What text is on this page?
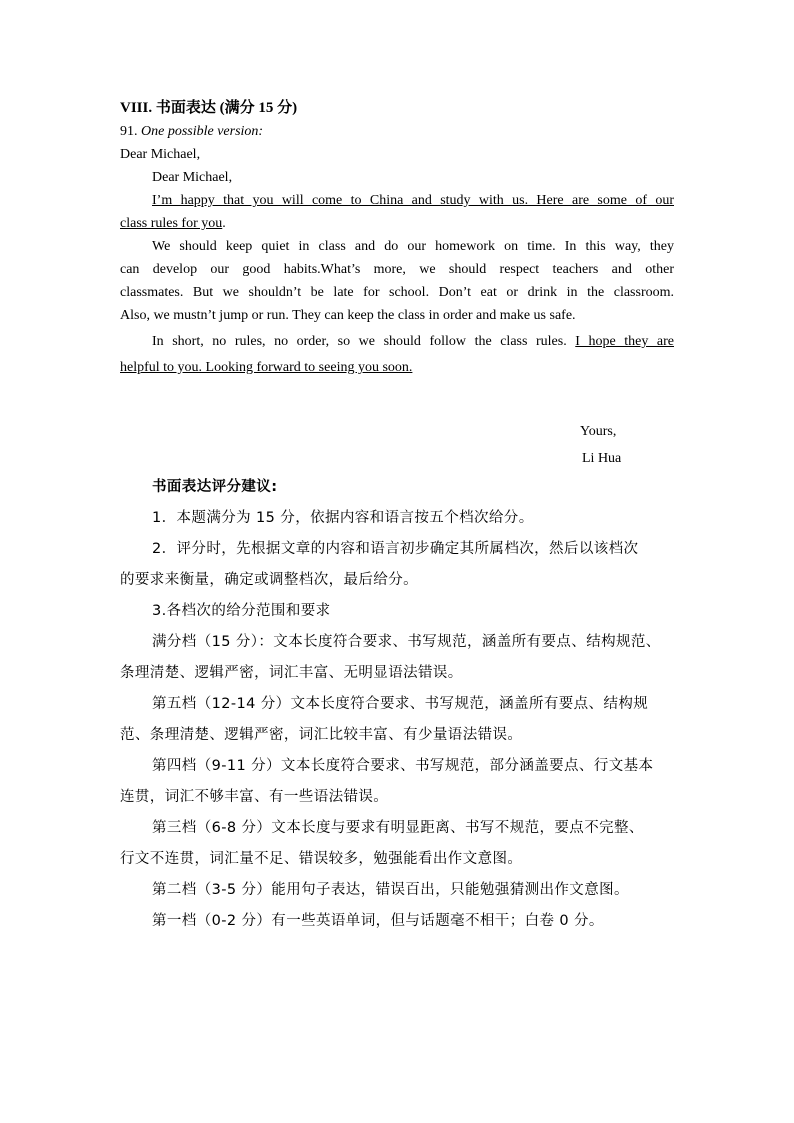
VIII. 书面表达 (满分 15 分)
91. One possible version:
Dear Michael,
Dear Michael,
I’m happy that you will come to China and study with us. Here are some of our
class rules for you.
We should keep quiet in class and do our homework on time. In this way, they
can develop our good habits.What’s more, we should respect teachers and other
classmates. But we shouldn’t be late for school. Don’t eat or drink in the classroom.
Also, we mustn’t jump or run. They can keep the class in order and make us safe.
In short, no rules, no order, so we should follow the class rules. I hope they are
helpful to you. Looking forward to seeing you soon.
Yours,
Li Hua
书面表达评分建议:
1．本题满分为 15 分，依据内容和语言按五个档次给分。
2．评分时，先根据文章的内容和语言初步确定其所属档次，然后以该档次
的要求来衡量，确定或调整档次，最后给分。
3.各档次的给分范围和要求
满分档（15 分）：文本长度符合要求、书写规范，涵盖所有要点、结构规范、
条理清楚、逻辑严密，词汇丰富、无明显语法错误。
第五档（12-14 分）文本长度符合要求、书写规范，涵盖所有要点、结构规
范、条理清楚、逻辑严密，词汇比较丰富、有少量语法错误。
第四档（9-11 分）文本长度符合要求、书写规范，部分涵盖要点、行文基本
连贯，词汇不够丰富、有一些语法错误。
第三档（6-8 分）文本长度与要求有明显距离、书写不规范，要点不完整、
行文不连贯，词汇量不足、错误较多，勉强能看出作文意图。
第二档（3-5 分）能用句子表达，错误百出，只能勉强猜测出作文意图。
第一档（0-2 分）有一些英语单词，但与话题毫不相干；白卷 0 分。
